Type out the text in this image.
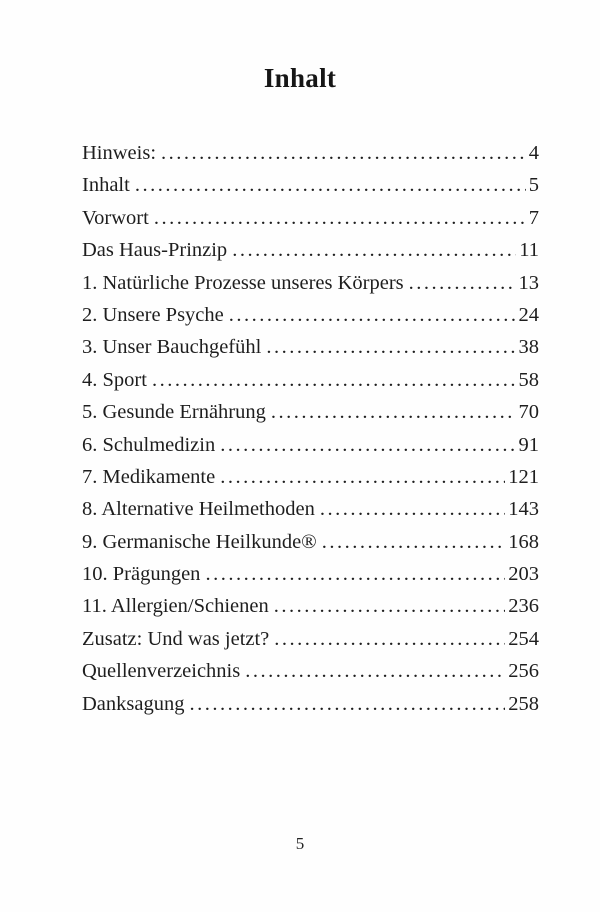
Inhalt
Hinweis: .....	4
Inhalt .....	5
Vorwort .....	7
Das Haus-Prinzip .....	11
1. Natürliche Prozesse unseres Körpers .....	13
2. Unsere Psyche .....	24
3. Unser Bauchgefühl .....	38
4. Sport .....	58
5. Gesunde Ernährung .....	70
6. Schulmedizin .....	91
7. Medikamente .....	121
8. Alternative Heilmethoden .....	143
9. Germanische Heilkunde® .....	168
10. Prägungen .....	203
11. Allergien/Schienen .....	236
Zusatz: Und was jetzt? .....	254
Quellenverzeichnis .....	256
Danksagung .....	258
5
